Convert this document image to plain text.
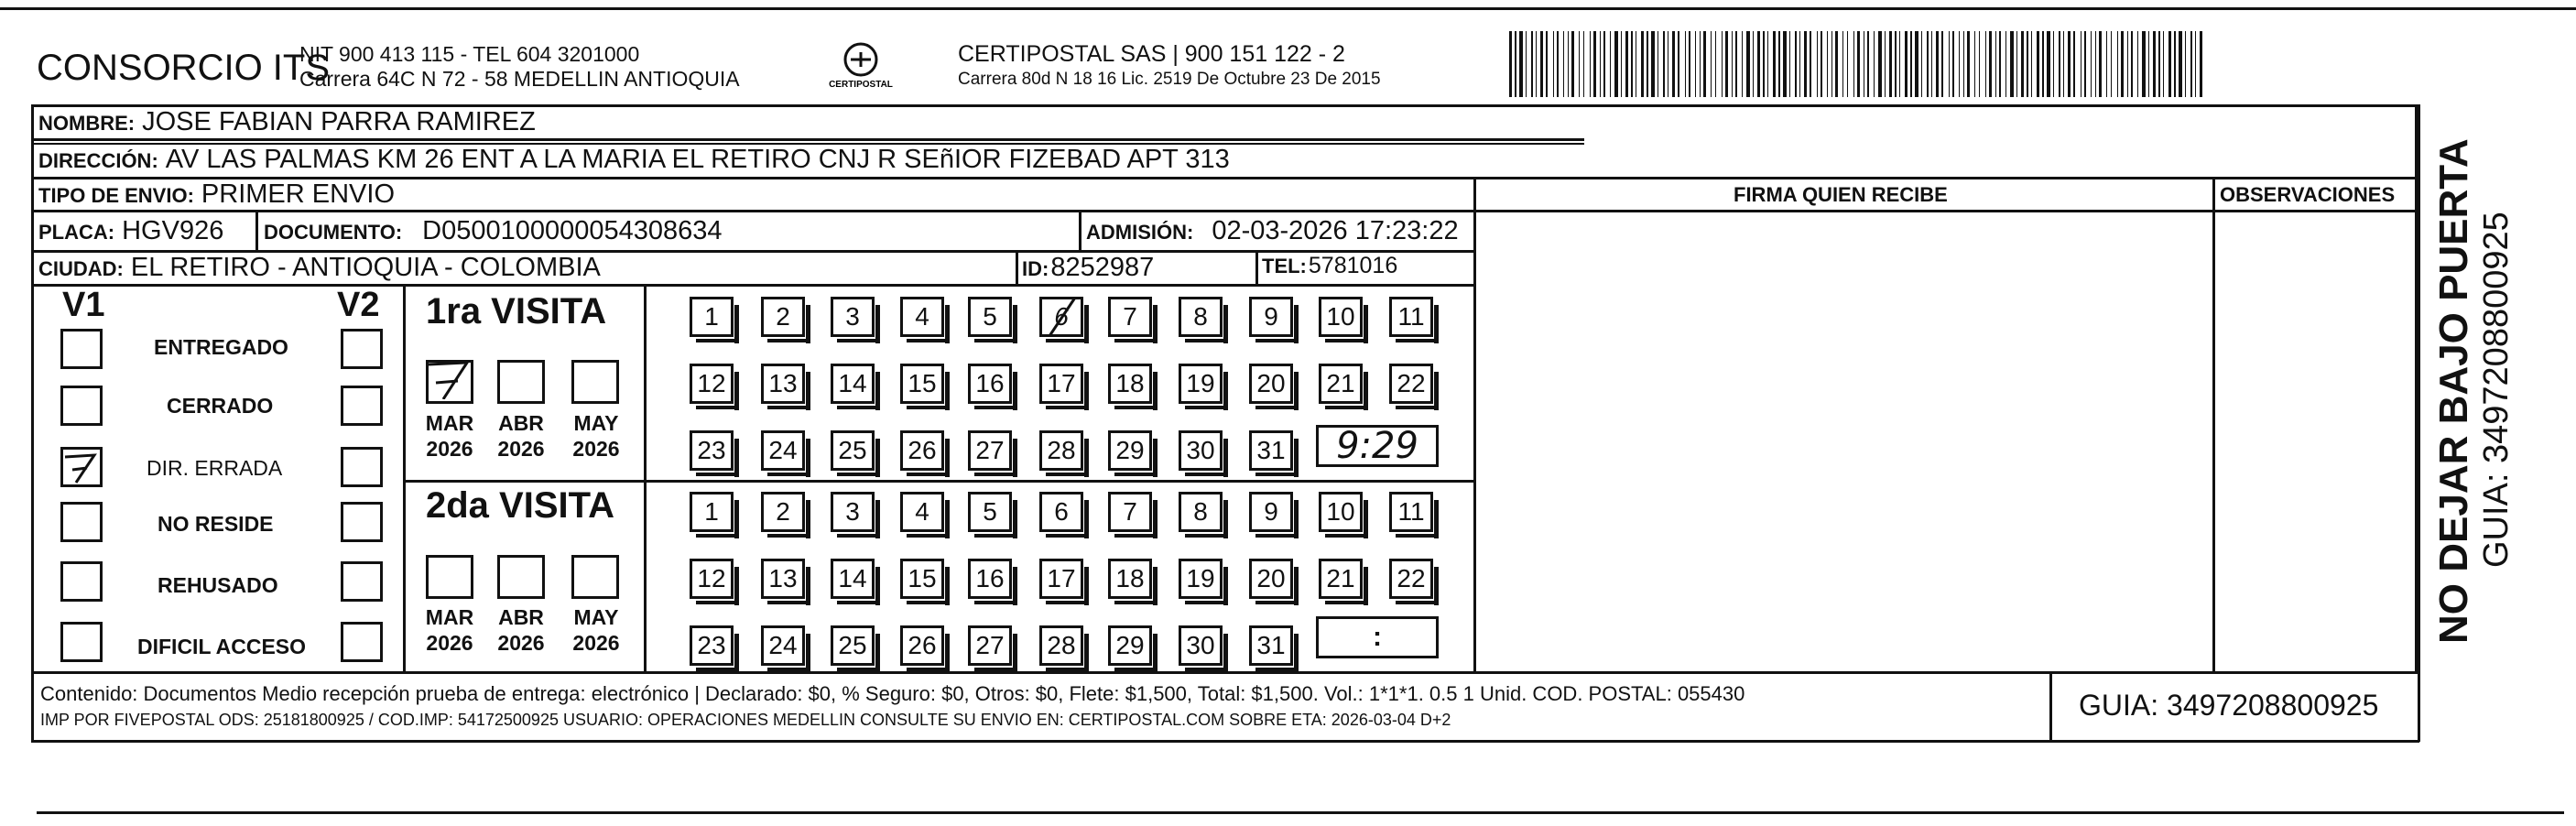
CONSORCIO ITS
NIT 900 413 115 - TEL 604 3201000
Carrera 64C N 72 - 58 MEDELLIN ANTIOQUIA	CERTIPOSTAL
CERTIPOSTAL SAS | 900 151 122 - 2
Carrera 80d N 18 16 Lic. 2519 De Octubre 23 De 2015
NOMBRE: JOSE FABIAN PARRA RAMIREZ
DIRECCIÓN: AV LAS PALMAS KM 26 ENT A LA MARIA EL RETIRO CNJ R SEñIOR FIZEBAD APT 313
TIPO DE ENVIO: PRIMER ENVIO
PLACA: HGV926 DOCUMENTO: D0500100000054308634	ADMISIÓN: 02-03-2026 17:23:22
CIUDAD: EL RETIRO - ANTIOQUIA - COLOMBIA	ID: 8252987	TEL: 5781016
FIRMA QUIEN RECIBE	OBSERVACIONES
V1	V2
ENTREGADO
CERRADO
DIR. ERRADA
NO RESIDE
REHUSADO
DIFICIL ACCESO
1ra VISITA
MAR
2026
ABR
2026
MAY
2026
1	2	3	4	5	6	7	8	9	10	11
12	13	14	15	16	17	18	19	20	21	22
23	24	25	26	27	28	29	30	31	9:29
2da VISITA
MAR
2026
ABR
2026
MAY
2026
1	2	3	4	5	6	7	8	9	10	11
12	13	14	15	16	17	18	19	20	21	22
23	24	25	26	27	28	29	30	31	:
Contenido: Documentos Medio recepción prueba de entrega: electrónico | Declarado: $0, % Seguro: $0, Otros: $0, Flete: $1,500, Total: $1,500. Vol.: 1*1*1. 0.5 1 Unid. COD. POSTAL: 055430
IMP POR FIVEPOSTAL ODS: 25181800925 / COD.IMP: 54172500925 USUARIO: OPERACIONES MEDELLIN CONSULTE SU ENVIO EN: CERTIPOSTAL.COM SOBRE ETA: 2026-03-04 D+2	GUIA: 3497208800925
NO DEJAR BAJO PUERTA GUIA: 3497208800925
